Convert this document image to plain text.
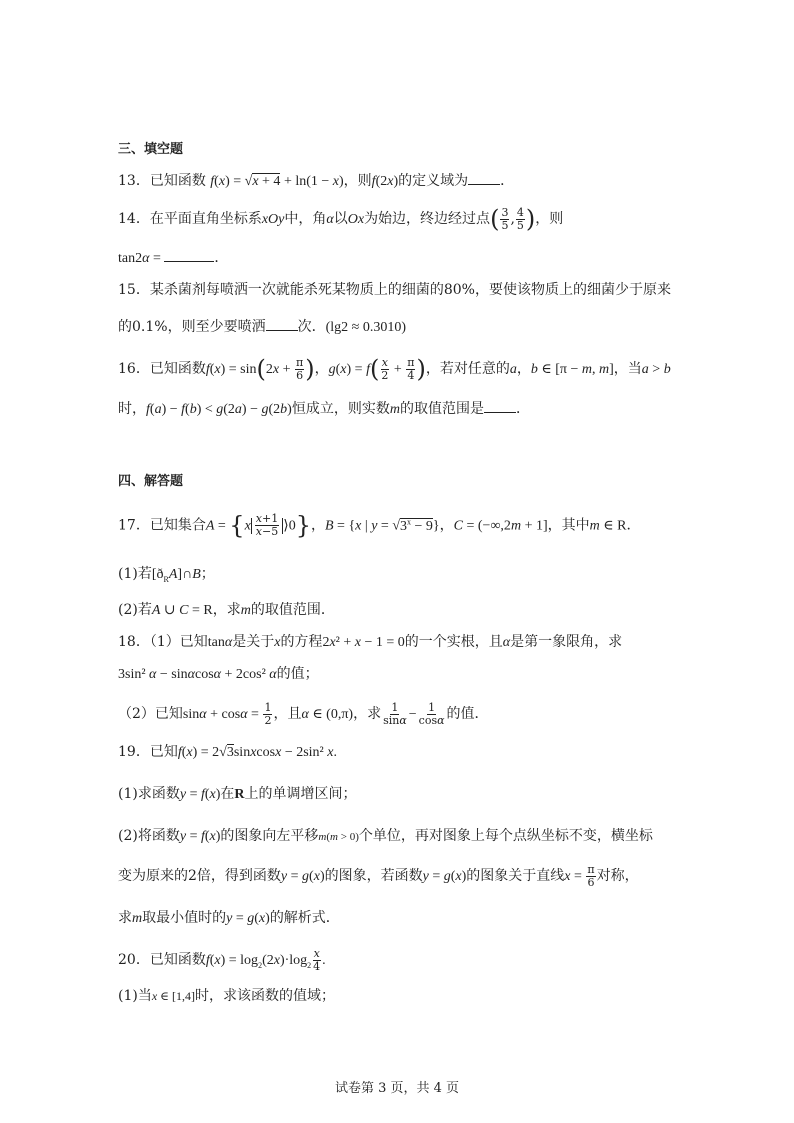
三、填空题
13．已知函数 f(x) = √x + 4 + ln(1 − x)，则f(2x)的定义域为 ．
14．在平面直角坐标系xOy中，角α以Ox为始边，终边经过点( $\frac{3}{5}$ , $\frac{4}{5}$ )，则
tan2α =	．
15．某杀菌剂每喷洒一次就能杀死某物质上的细菌的80%，要使该物质上的细菌少于原来
的0.1%，则至少要喷洒 次．(lg2 ≈ 0.3010)
16．已知函数$f(x) = \sin(2x + \frac{\pi}{6}$ )，$g(x) = f( \frac{x}{2} + \frac{\pi}{4}$ )，若对任意的a，b ∈ [π − m, m]，当a > b
时，f(a) − f(b) < g(2a) − g(2b)恒成立，则实数m的取值范围是 ．
四、解答题
17．已知集合$A = \{x \frac{x+1}{x-5}$ ⟩0}，B = {x | $y = √3^x - 9$}，C = (−∞,2m + 1]，其中m ∈ R．
(1)若$[ð_RA]\cap B$；
(2)若A ∪ C = R，求m的取值范围．
18．（1）已知tanα是关于x的方程2x² + x − 1 = 0的一个实根，且α是第一象限角，求
3sin² α − sinαcosα + 2cos² α的值；
（2）已知$\sin\alpha + \cos\alpha = \frac{1}{2}$ ，且α ∈ (0,π)，求 $\frac{1}{\sin\alpha} - \frac{1}{\cos\alpha}$ 的值．
19．已知f(x) = 2√3sinxcosx − 2sin² x.
(1)求函数y = f(x)在R上的单调增区间；
(2)将函数y = f(x)的图象向左平移m(m > 0)个单位，再对图象上每个点纵坐标不变，横坐标
变为原来的2倍，得到函数y = g(x)的图象，若函数y = g(x)的图象关于直线$x = \frac{\pi}{6}$ 对称，
求m取最小值时的y = g(x)的解析式．
20．已知函数$f(x) = \log_2(2x)\cdot\log_2 \frac{x}{4}$ .
(1)当x ∈ [1,4]时，求该函数的值域；
试卷第 3 页，共 4 页
